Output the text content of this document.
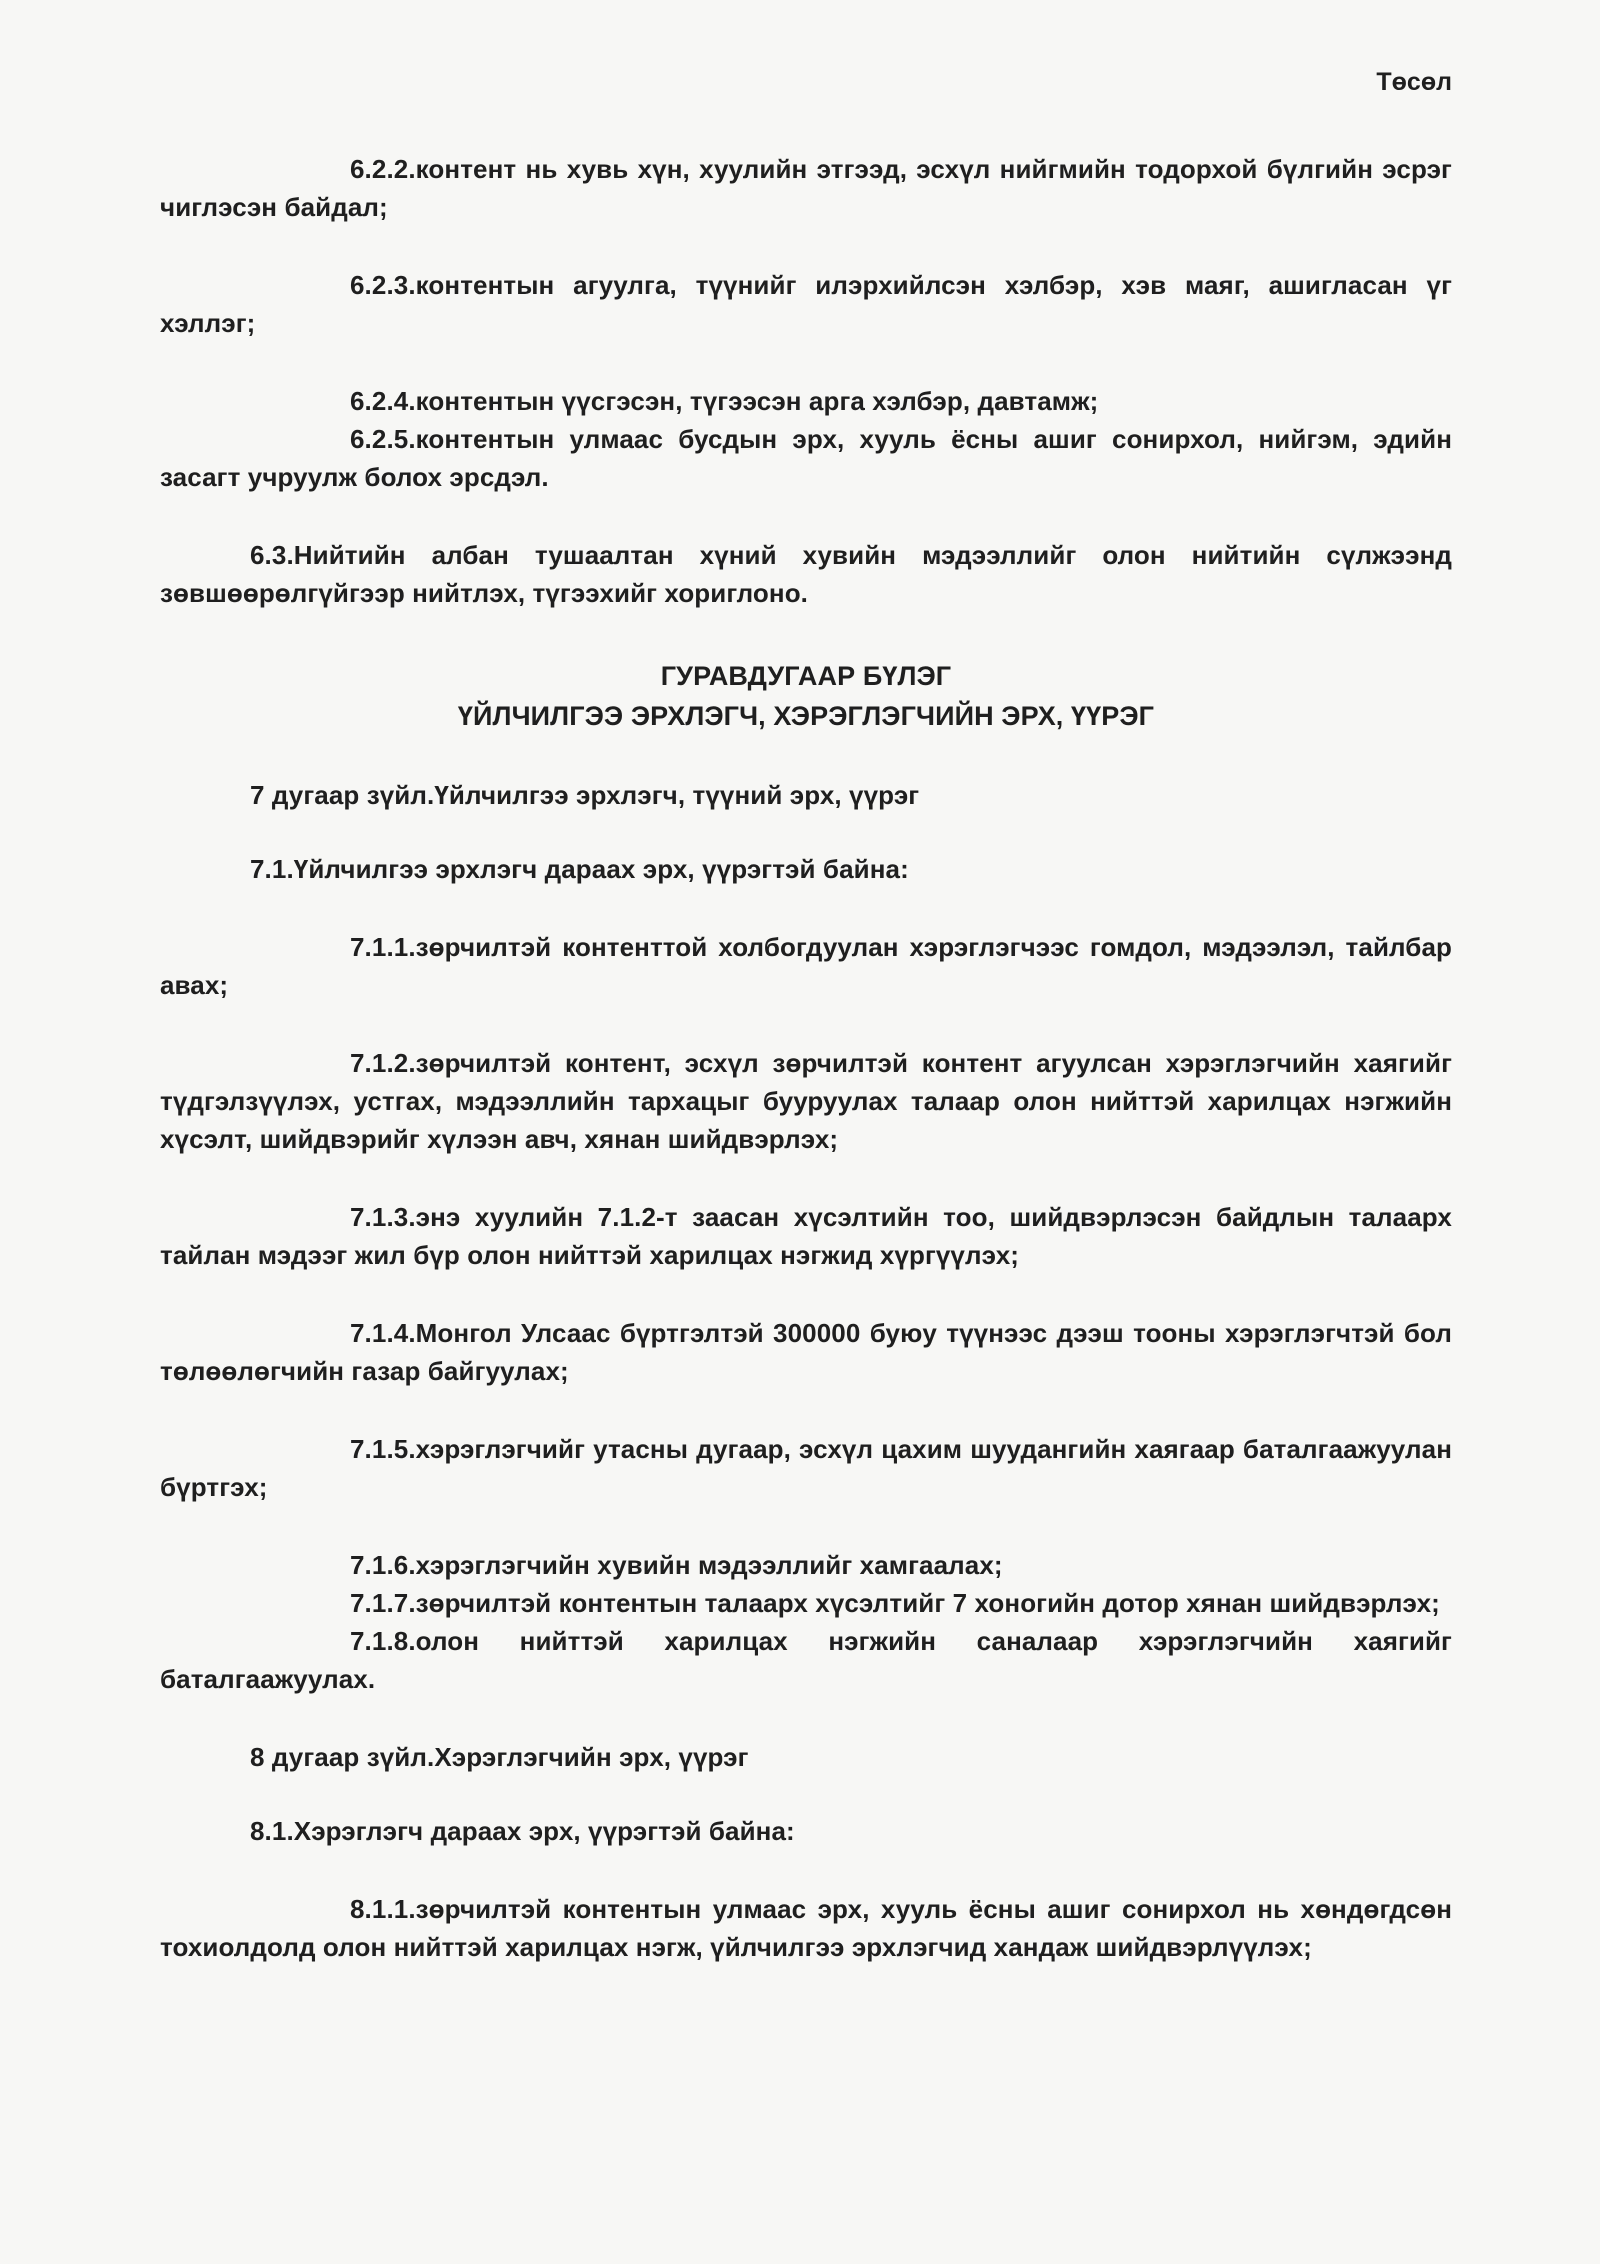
Төсөл

6.2.2.контент нь хувь хүн, хуулийн этгээд, эсхүл нийгмийн тодорхой бүлгийн эсрэг чиглэсэн байдал;

6.2.3.контентын агуулга, түүнийг илэрхийлсэн хэлбэр, хэв маяг, ашигласан үг хэллэг;

6.2.4.контентын үүсгэсэн, түгээсэн арга хэлбэр, давтамж;

6.2.5.контентын улмаас бусдын эрх, хууль ёсны ашиг сонирхол, нийгэм, эдийн засагт учруулж болох эрсдэл.

6.3.Нийтийн албан тушаалтан хүний хувийн мэдээллийг олон нийтийн сүлжээнд зөвшөөрөлгүйгээр нийтлэх, түгээхийг хориглоно.

ГУРАВДУГААР БҮЛЭГ
ҮЙЛЧИЛГЭЭ ЭРХЛЭГЧ, ХЭРЭГЛЭГЧИЙН ЭРХ, ҮҮРЭГ
7 дугаар зүйл.Үйлчилгээ эрхлэгч, түүний эрх, үүрэг
7.1.Үйлчилгээ эрхлэгч дараах эрх, үүрэгтэй байна:

7.1.1.зөрчилтэй контенттой холбогдуулан хэрэглэгчээс гомдол, мэдээлэл, тайлбар авах;

7.1.2.зөрчилтэй контент, эсхүл зөрчилтэй контент агуулсан хэрэглэгчийн хаягийг түдгэлзүүлэх, устгах, мэдээллийн тархацыг бууруулах талаар олон нийттэй харилцах нэгжийн хүсэлт, шийдвэрийг хүлээн авч, хянан шийдвэрлэх;

7.1.3.энэ хуулийн 7.1.2-т заасан хүсэлтийн тоо, шийдвэрлэсэн байдлын талаарх тайлан мэдээг жил бүр олон нийттэй харилцах нэгжид хүргүүлэх;

7.1.4.Монгол Улсаас бүртгэлтэй 300000 буюу түүнээс дээш тооны хэрэглэгчтэй бол төлөөлөгчийн газар байгуулах;

7.1.5.хэрэглэгчийг утасны дугаар, эсхүл цахим шуудангийн хаягаар баталгаажуулан бүртгэх;

7.1.6.хэрэглэгчийн хувийн мэдээллийг хамгаалах;

7.1.7.зөрчилтэй контентын талаарх хүсэлтийг 7 хоногийн дотор хянан шийдвэрлэх;

7.1.8.олон нийттэй харилцах нэгжийн саналаар хэрэглэгчийн хаягийг баталгаажуулах.

8 дугаар зүйл.Хэрэглэгчийн эрх, үүрэг
8.1.Хэрэглэгч дараах эрх, үүрэгтэй байна:

8.1.1.зөрчилтэй контентын улмаас эрх, хууль ёсны ашиг сонирхол нь хөндөгдсөн тохиолдолд олон нийттэй харилцах нэгж, үйлчилгээ эрхлэгчид хандаж шийдвэрлүүлэх;
